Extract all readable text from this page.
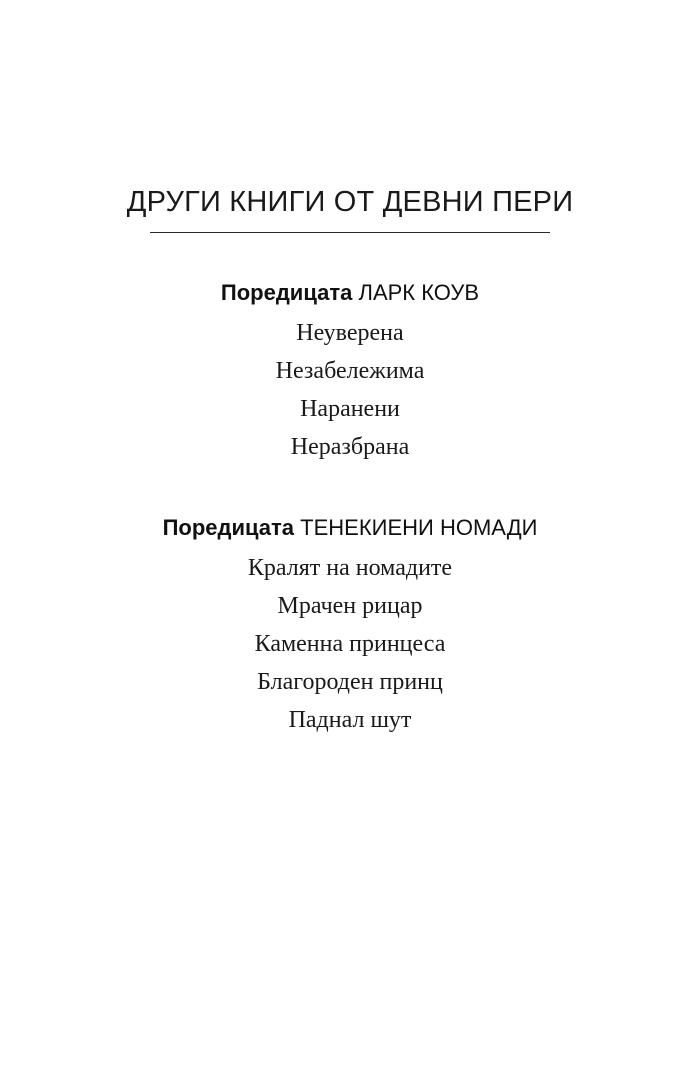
ДРУГИ КНИГИ ОТ ДЕВНИ ПЕРИ
Поредицата ЛАРК КОУВ
Неуверена
Незабележима
Наранени
Неразбрана
Поредицата ТЕНЕКИЕНИ НОМАДИ
Кралят на номадите
Мрачен рицар
Каменна принцеса
Благороден принц
Паднал шут
